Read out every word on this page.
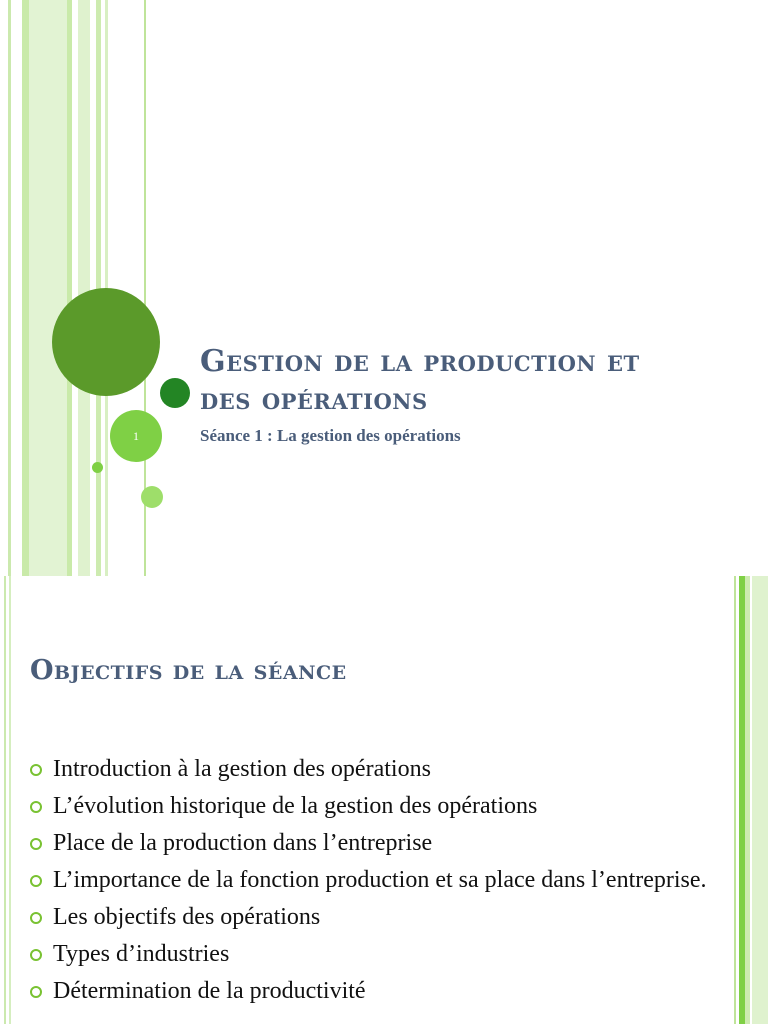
1
Gestion de la production et
des opérations
Séance 1 : La gestion des opérations
Objectifs de la séance
Introduction à la gestion des opérations
L’évolution historique de la gestion des opérations
Place de la production dans l’entreprise
L’importance de la fonction production et sa place dans l’entreprise.
Les objectifs des opérations
Types d’industries
Détermination de la productivité
